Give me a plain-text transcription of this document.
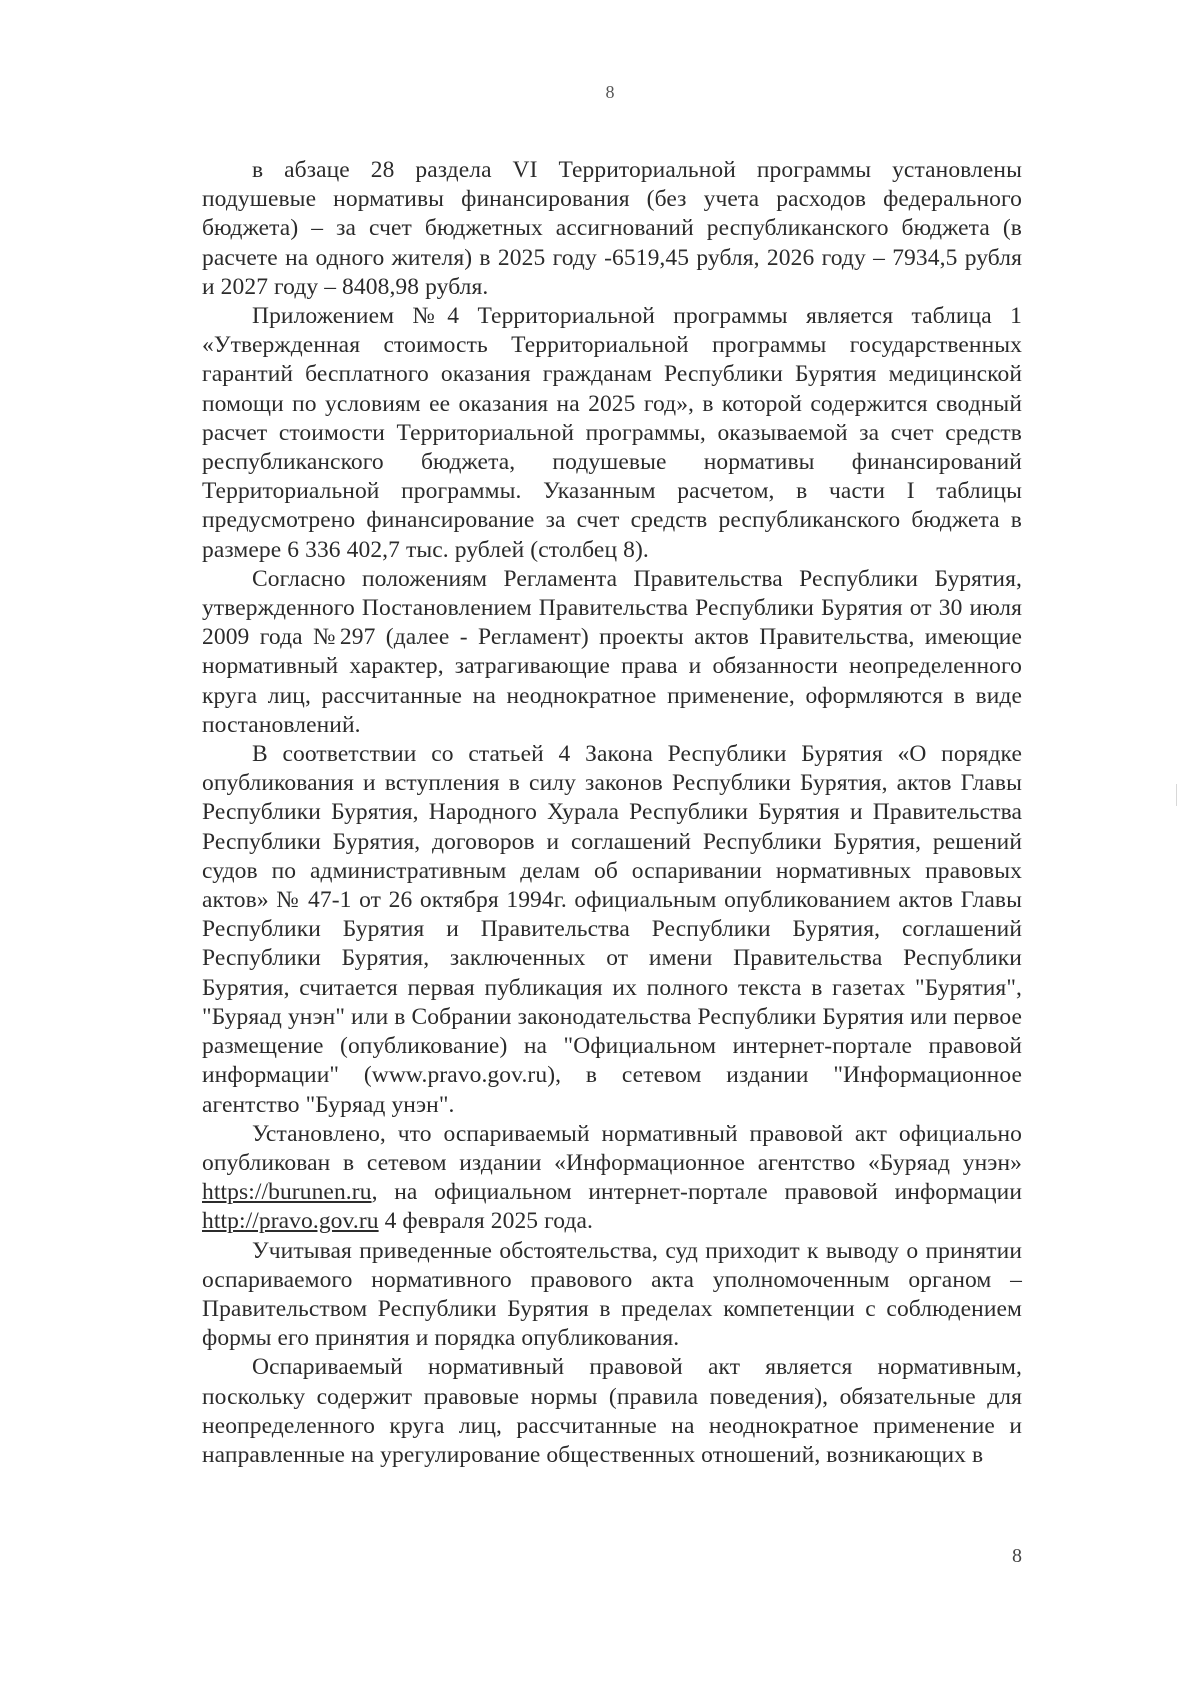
8

в абзаце 28 раздела VI Территориальной программы установлены подушевые нормативы финансирования (без учета расходов федерального бюджета) – за счет бюджетных ассигнований республиканского бюджета (в расчете на одного жителя) в 2025 году -6519,45 рубля, 2026 году – 7934,5 рубля и 2027 году – 8408,98 рубля.

Приложением №4 Территориальной программы является таблица 1 «Утвержденная стоимость Территориальной программы государственных гарантий бесплатного оказания гражданам Республики Бурятия медицинской помощи по условиям ее оказания на 2025 год», в которой содержится сводный расчет стоимости Территориальной программы, оказываемой за счет средств республиканского бюджета, подушевые нормативы финансирований Территориальной программы. Указанным расчетом, в части I таблицы предусмотрено финансирование за счет средств республиканского бюджета в размере 6 336 402,7 тыс. рублей (столбец 8).

Согласно положениям Регламента Правительства Республики Бурятия, утвержденного Постановлением Правительства Республики Бурятия от 30 июля 2009 года №297 (далее - Регламент) проекты актов Правительства, имеющие нормативный характер, затрагивающие права и обязанности неопределенного круга лиц, рассчитанные на неоднократное применение, оформляются в виде постановлений.

В соответствии со статьей 4 Закона Республики Бурятия «О порядке опубликования и вступления в силу законов Республики Бурятия, актов Главы Республики Бурятия, Народного Хурала Республики Бурятия и Правительства Республики Бурятия, договоров и соглашений Республики Бурятия, решений судов по административным делам об оспаривании нормативных правовых актов» № 47-1 от 26 октября 1994г. официальным опубликованием актов Главы Республики Бурятия и Правительства Республики Бурятия, соглашений Республики Бурятия, заключенных от имени Правительства Республики Бурятия, считается первая публикация их полного текста в газетах "Бурятия", "Буряад унэн" или в Собрании законодательства Республики Бурятия или первое размещение (опубликование) на "Официальном интернет-портале правовой информации" (www.pravo.gov.ru), в сетевом издании "Информационное агентство "Буряад унэн".

Установлено, что оспариваемый нормативный правовой акт официально опубликован в сетевом издании «Информационное агентство «Буряад унэн» https://burunen.ru, на официальном интернет-портале правовой информации http://pravo.gov.ru 4 февраля 2025 года.

Учитывая приведенные обстоятельства, суд приходит к выводу о принятии оспариваемого нормативного правового акта уполномоченным органом – Правительством Республики Бурятия в пределах компетенции с соблюдением формы его принятия и порядка опубликования.

Оспариваемый нормативный правовой акт является нормативным, поскольку содержит правовые нормы (правила поведения), обязательные для неопределенного круга лиц, рассчитанные на неоднократное применение и направленные на урегулирование общественных отношений, возникающих в

8
